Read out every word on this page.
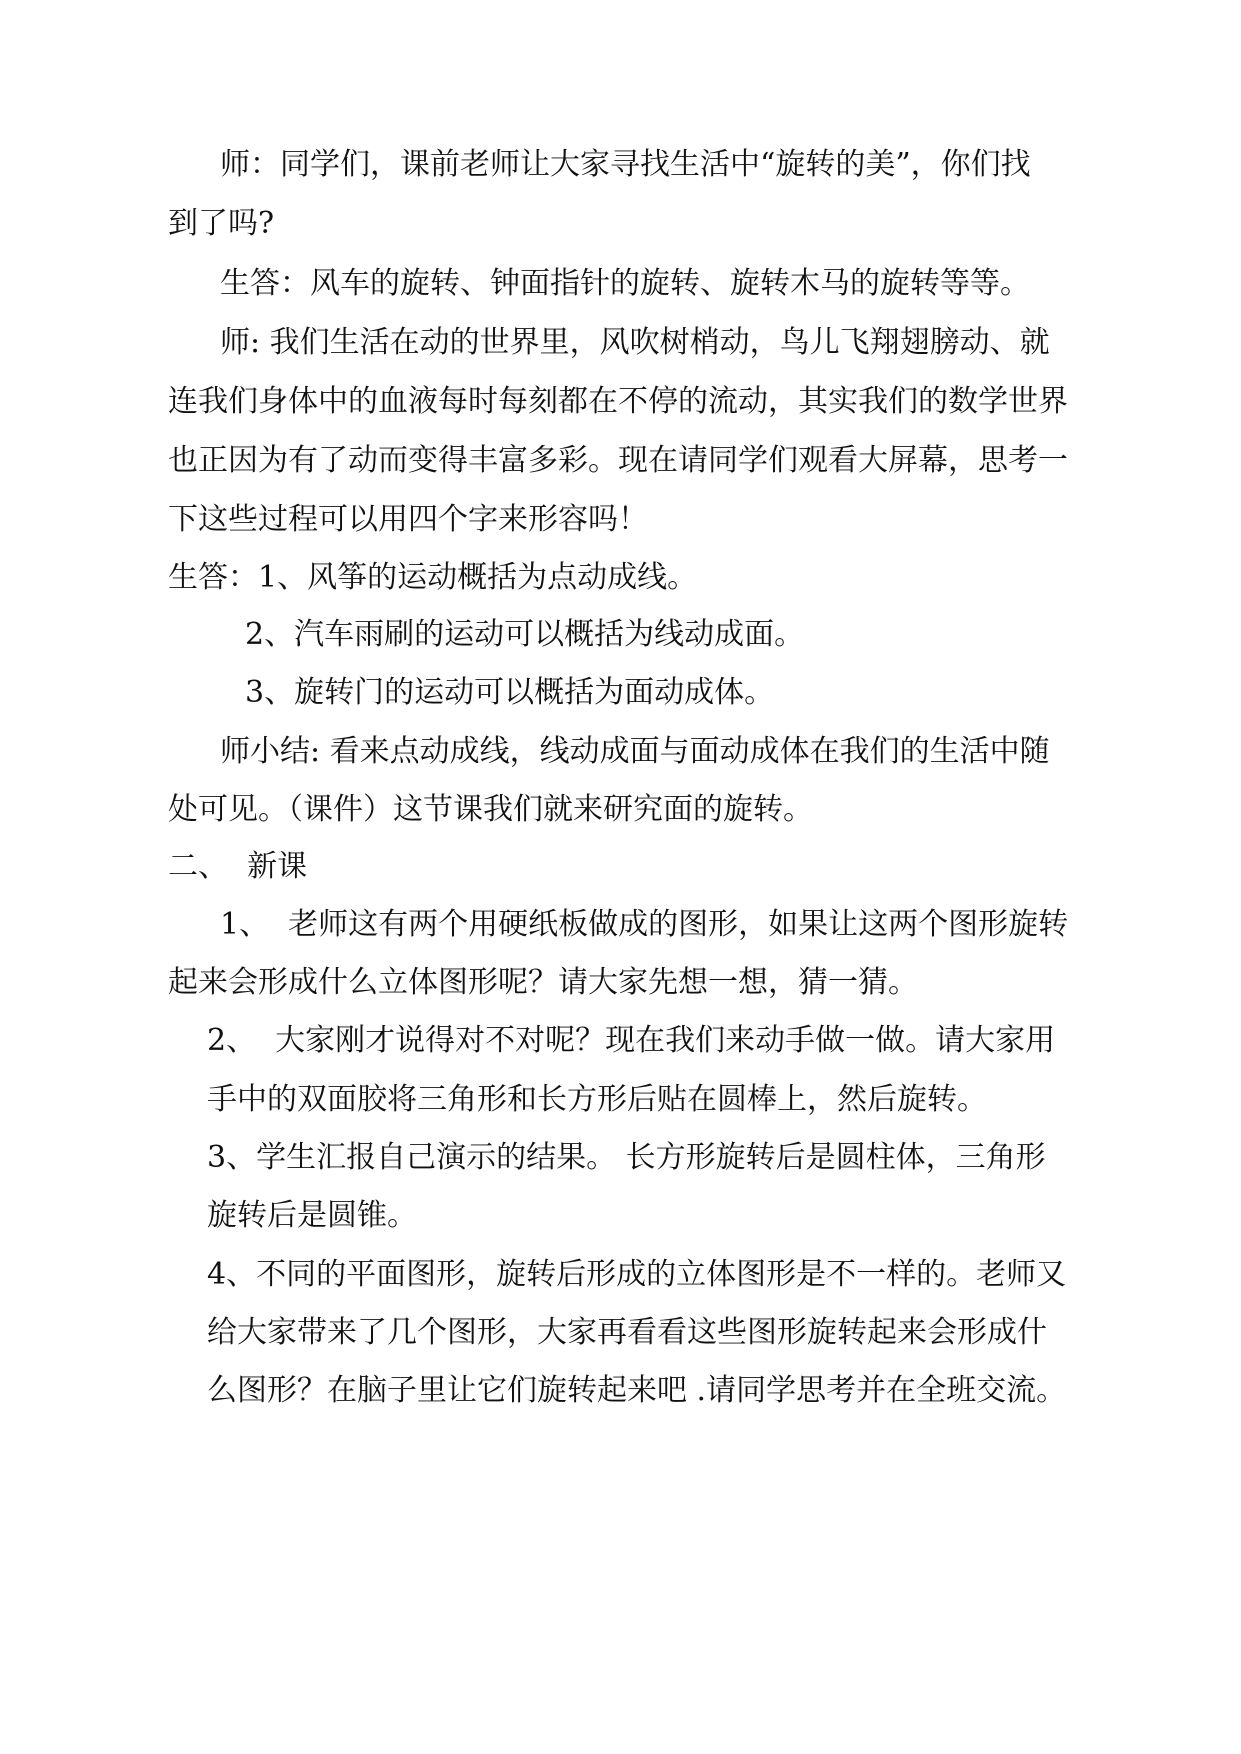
师：同学们，课前老师让大家寻找生活中“旋转的美”，你们找

到了吗?

生答：风车的旋转、钟面指针的旋转、旋转木马的旋转等等。

师: 我们生活在动的世界里，风吹树梢动，鸟儿飞翔翅膀动、就

连我们身体中的血液每时每刻都在不停的流动，其实我们的数学世界

也正因为有了动而变得丰富多彩。现在请同学们观看大屏幕，思考一

下这些过程可以用四个字来形容吗！

生答：1、风筝的运动概括为点动成线。

2、汽车雨刷的运动可以概括为线动成面。

3、旋转门的运动可以概括为面动成体。

师小结: 看来点动成线，线动成面与面动成体在我们的生活中随

处可见。（课件）这节课我们就来研究面的旋转。

二、  新课

1、  老师这有两个用硬纸板做成的图形，如果让这两个图形旋转

起来会形成什么立体图形呢？请大家先想一想，猜一猜。

2、  大家刚才说得对不对呢？现在我们来动手做一做。请大家用

手中的双面胶将三角形和长方形后贴在圆棒上，然后旋转。

3、学生汇报自己演示的结果。 长方形旋转后是圆柱体，三角形

旋转后是圆锥。

4、不同的平面图形，旋转后形成的立体图形是不一样的。老师又

给大家带来了几个图形，大家再看看这些图形旋转起来会形成什

么图形？在脑子里让它们旋转起来吧 .请同学思考并在全班交流。
